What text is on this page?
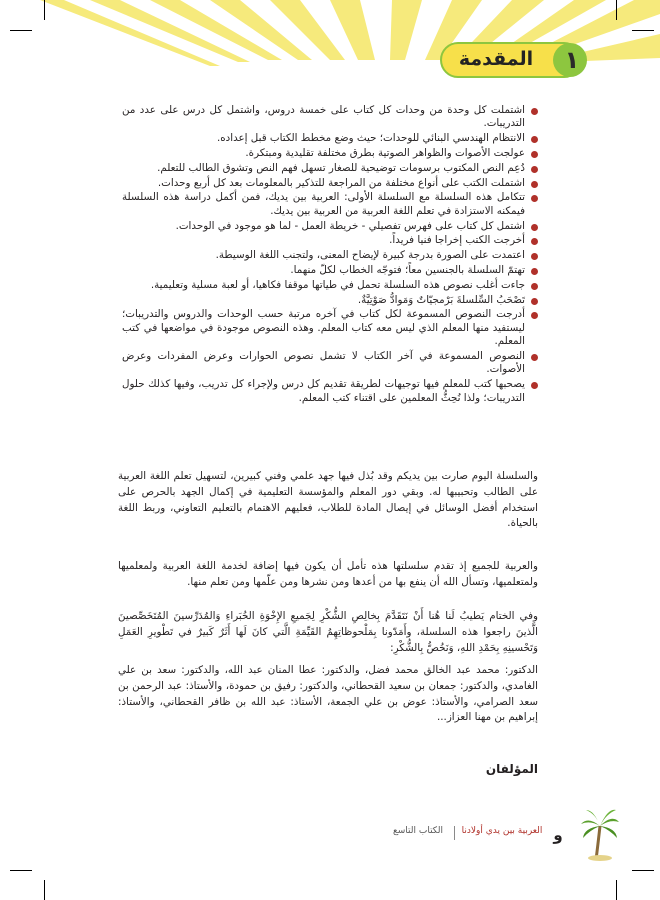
١
المقدمة
اشتملت كل وحدة من وحدات كل كتاب على خمسة دروس، واشتمل كل درس على عدد من التدريبات.
الانتظام الهندسي البنائي للوحدات؛ حيث وضع مخطط الكتاب قبل إعداده.
عولجت الأصوات والظواهر الصوتية بطرق مختلفة تقليدية ومبتكرة.
دُعِم النص المكتوب برسومات توضيحية للصغار تسهل فهم النص وتشوق الطالب للتعلم.
اشتملت الكتب على أنواع مختلفة من المراجعة للتذكير بالمعلومات بعد كل أربع وحدات.
تتكامل هذه السلسلة مع السلسلة الأولى: العربية بين يديك، فمن أكمل دراسة هذه السلسلة فيمكنه الاستزادة في تعلم اللغة العربية من العربية بين يديك.
اشتمل كل كتاب على فهرس تفصيلي - خريطة العمل - لما هو موجود في الوحدات.
أخرجت الكتب إخراجا فنيا فريداً.
اعتمدت على الصورة بدرجة كبيرة لإيضاح المعنى، ولتجنب اللغة الوسيطة.
تهتمّ السلسلة بالجنسين معاً؛ فتوجّه الخطاب لكلّ منهما.
جاءت أغلب نصوص هذه السلسلة تحمل في طياتها موقفا فكاهيا، أو لعبة مسلية وتعليمية.
تَصْحَبُ السِّلسلةَ بَرْمجيّاتٌ وَمَوادُّ صَوْتِيَّةٌ.
أدرجت النصوص المسموعة لكل كتاب في آخره مرتبة حسب الوحدات والدروس والتدريبات؛ ليستفيد منها المعلم الذي ليس معه كتاب المعلم. وهذه النصوص موجودة في مواضعها في كتب المعلم.
النصوص المسموعة في آخر الكتاب لا تشمل نصوص الحوارات وعرض المفردات وعرض الأصوات.
يصحبها كتب للمعلم فيها توجيهات لطريقة تقديم كل درس ولإجراء كل تدريب، وفيها كذلك حلول التدريبات؛ ولذا نُحِثُّ المعلمين على اقتناء كتب المعلم.

والسلسلة اليوم صارت بين يديكم وقد بُذل فيها جهد علمي وفني كبيرين، لتسهيل تعلم اللغة العربية على الطالب وتحبيبها له. وبقي دور المعلم والمؤسسة التعليمية في إكمال الجهد بالحرص على استخدام أفضل الوسائل في إيصال المادة للطلاب، فعليهم الاهتمام بالتعليم التعاوني، وربط اللغة بالحياة.

والعربية للجميع إذ تقدم سلسلتها هذه تأمل أن يكون فيها إضافة لخدمة اللغة العربية ولمعلميها ولمتعلميها، وتسأل الله أن ينفع بها من أعدها ومن نشرها ومن علّمها ومن تعلم منها.

وفي الختام يَطيبُ لَنا هُنا أَنْ نَتَقَدَّمَ بِخالِصِ الشُّكْرِ لِجَميعِ الإِخْوَةِ الخُبَراءِ وَالمُدَرِّسينَ المُتَخَصِّصينَ الَّذينَ راجعوا هذه السلسلة، وأَمَدّونا بِمَلْحوظاتِهِمُ القَيِّمَةِ الَّتي كانَ لَها أَثَرٌ كَبيرٌ في تَطْويرِ العَمَلِ وَتَحْسينِهِ بِحَمْدِ اللهِ، وَنَخُصُّ بِالشُّكْرِ:

الدكتور: محمد عبد الخالق محمد فضل، والدكتور: عطا المنان عبد الله، والدكتور: سعد بن علي الغامدي، والدكتور: جمعان بن سعيد القحطاني، والدكتور: رفيق بن حمودة، والأستاذ: عبد الرحمن بن سعد الصرامي، والأستاذ: عوض بن علي الجمعة، الأستاذ: عبد الله بن ظافر القحطاني، والأستاذ: إبراهيم بن مهنا العزاز...

المؤلفان
و
العربية بين يدي أولادنا
الكتاب التاسع
